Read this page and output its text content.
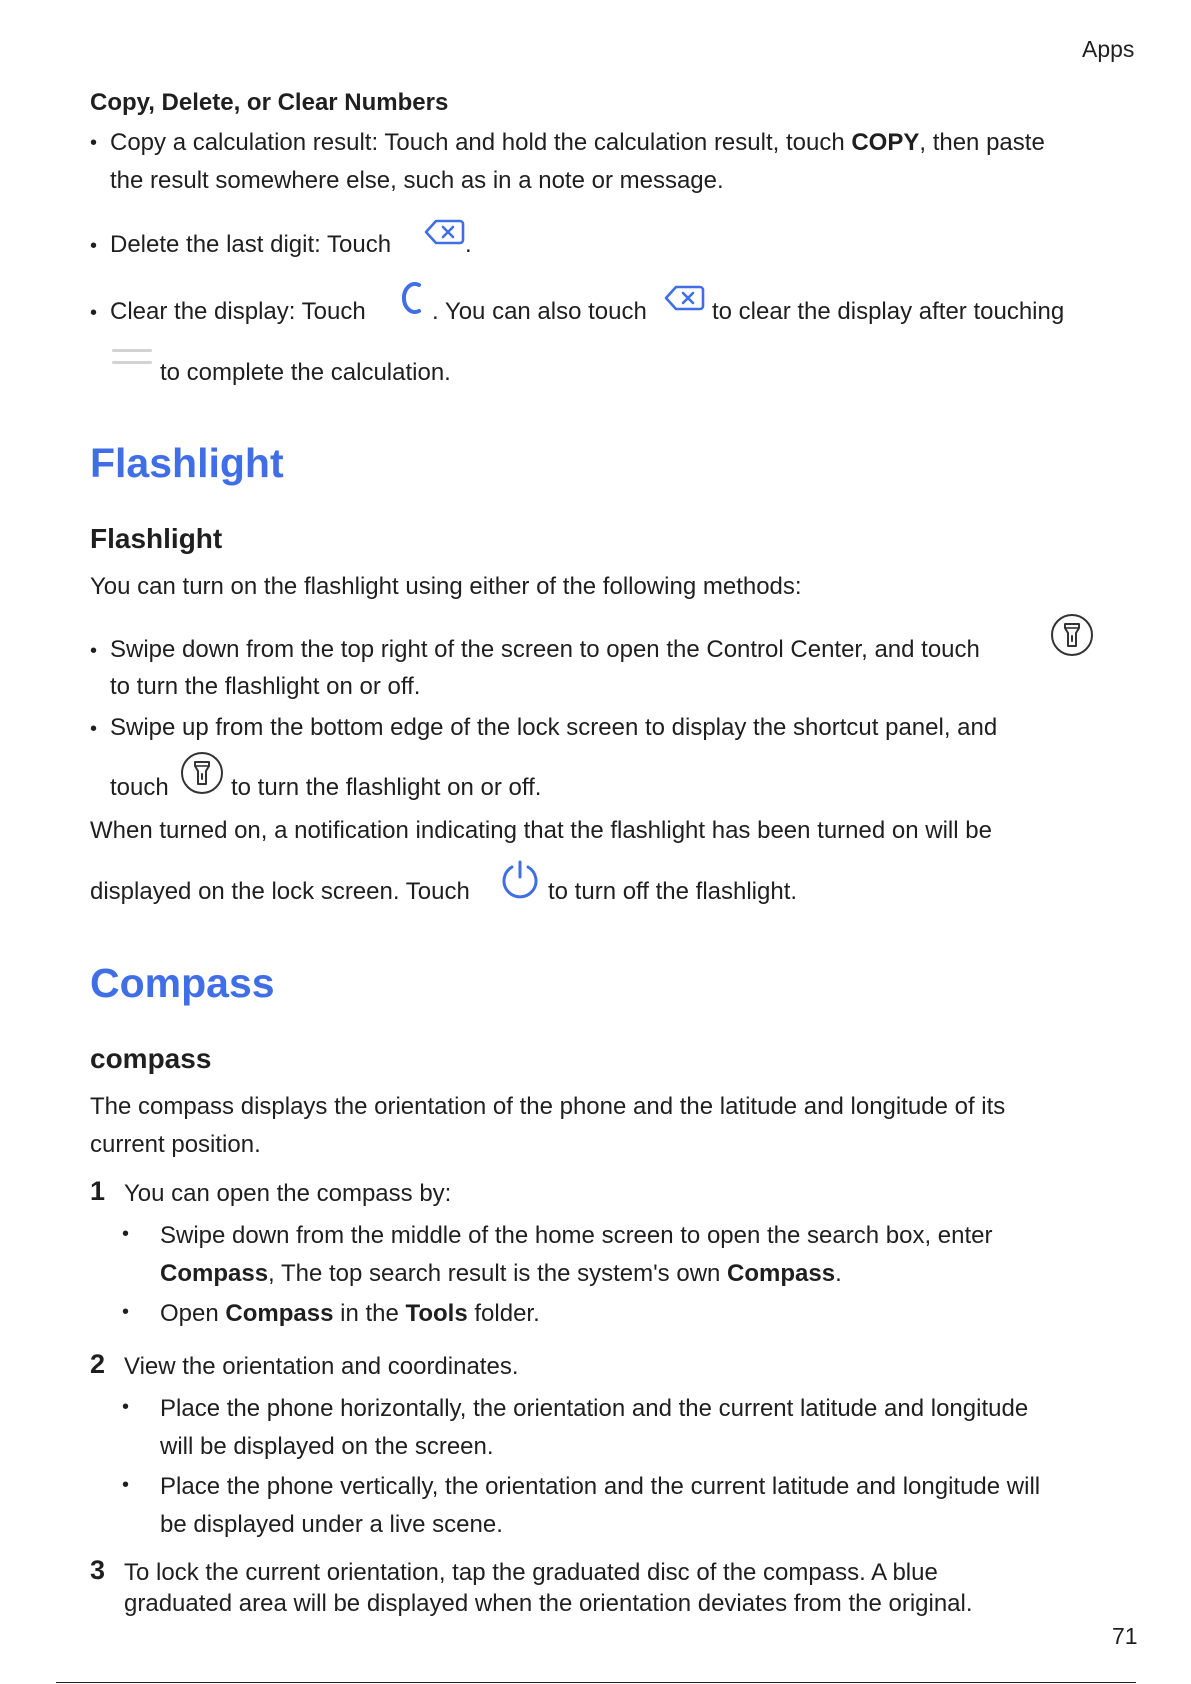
Apps
Copy, Delete, or Clear Numbers
• Copy a calculation result: Touch and hold the calculation result, touch COPY, then paste
the result somewhere else, such as in a note or message.
• Delete the last digit: Touch	.
• Clear the display: Touch	. You can also touch	to clear the display after touching
to complete the calculation.
Flashlight
Flashlight
You can turn on the flashlight using either of the following methods:
• Swipe down from the top right of the screen to open the Control Center, and touch
to turn the flashlight on or off.
• Swipe up from the bottom edge of the lock screen to display the shortcut panel, and
touch	to turn the flashlight on or off.
When turned on, a notification indicating that the flashlight has been turned on will be
displayed on the lock screen. Touch	to turn off the flashlight.
Compass
compass
The compass displays the orientation of the phone and the latitude and longitude of its
current position.
1 You can open the compass by:
• Swipe down from the middle of the home screen to open the search box, enter
Compass, The top search result is the system's own Compass.
• Open Compass in the Tools folder.
2 View the orientation and coordinates.
• Place the phone horizontally, the orientation and the current latitude and longitude
will be displayed on the screen.
• Place the phone vertically, the orientation and the current latitude and longitude will
be displayed under a live scene.
3 To lock the current orientation, tap the graduated disc of the compass. A blue
graduated area will be displayed when the orientation deviates from the original.
71
